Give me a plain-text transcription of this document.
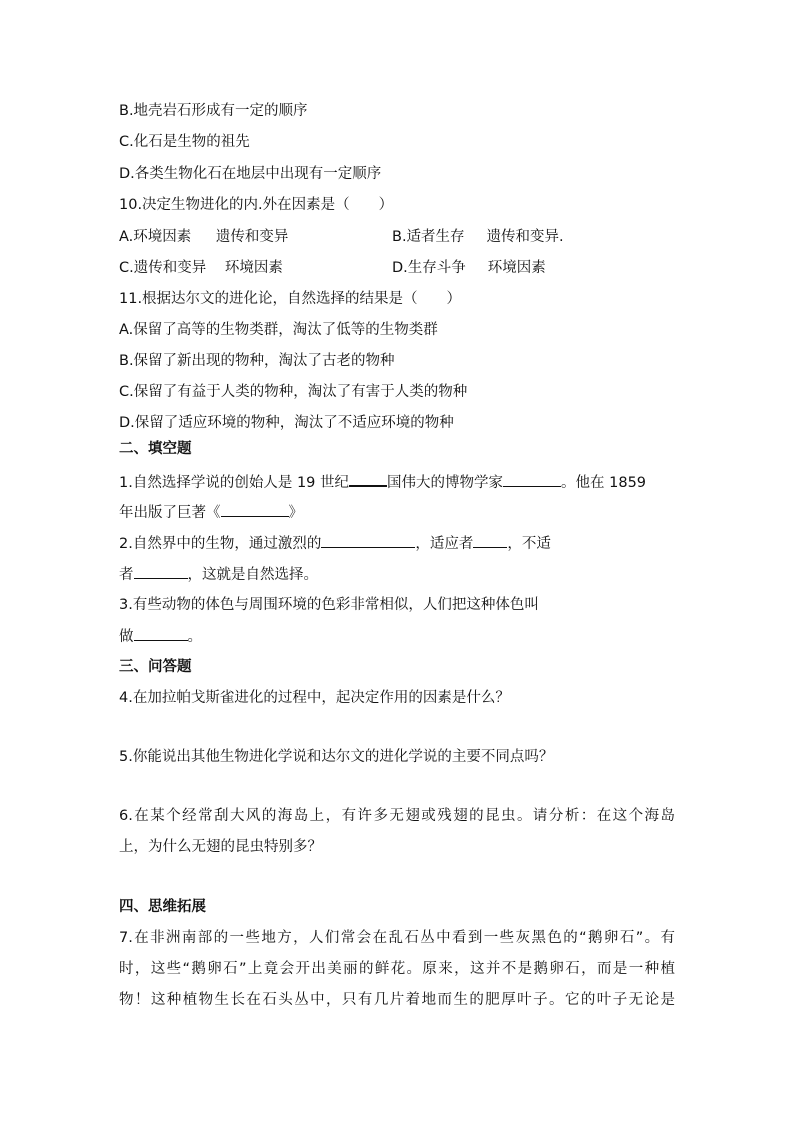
B.地壳岩石形成有一定的顺序
C.化石是生物的祖先
D.各类生物化石在地层中出现有一定顺序
10.决定生物进化的内.外在因素是（　　）
A.环境因素 遗传和变异	B.适者生存 遗传和变异.
C.遗传和变异 环境因素	D.生存斗争 环境因素
11.根据达尔文的进化论，自然选择的结果是（　　）
A.保留了高等的生物类群，淘汰了低等的生物类群
B.保留了新出现的物种，淘汰了古老的物种
C.保留了有益于人类的物种，淘汰了有害于人类的物种
D.保留了适应环境的物种，淘汰了不适应环境的物种
二、填空题
1.自然选择学说的创始人是 19 世纪	国伟大的博物学家	。他在 1859
年出版了巨著《	》
2.自然界中的生物，通过激烈的	，适应者 ，不适
者	，这就是自然选择。
3.有些动物的体色与周围环境的色彩非常相似，人们把这种体色叫
做	。
三、问答题
4.在加拉帕戈斯雀进化的过程中，起决定作用的因素是什么？
5.你能说出其他生物进化学说和达尔文的进化学说的主要不同点吗？
6.在某个经常刮大风的海岛上，有许多无翅或残翅的昆虫。请分析：在这个海岛
上，为什么无翅的昆虫特别多？
四、思维拓展
7.在非洲南部的一些地方，人们常会在乱石丛中看到一些灰黑色的“鹅卵石”。有
时，这些“鹅卵石”上竟会开出美丽的鲜花。原来，这并不是鹅卵石，而是一种植
物！这种植物生长在石头丛中，只有几片着地而生的肥厚叶子。它的叶子无论是
